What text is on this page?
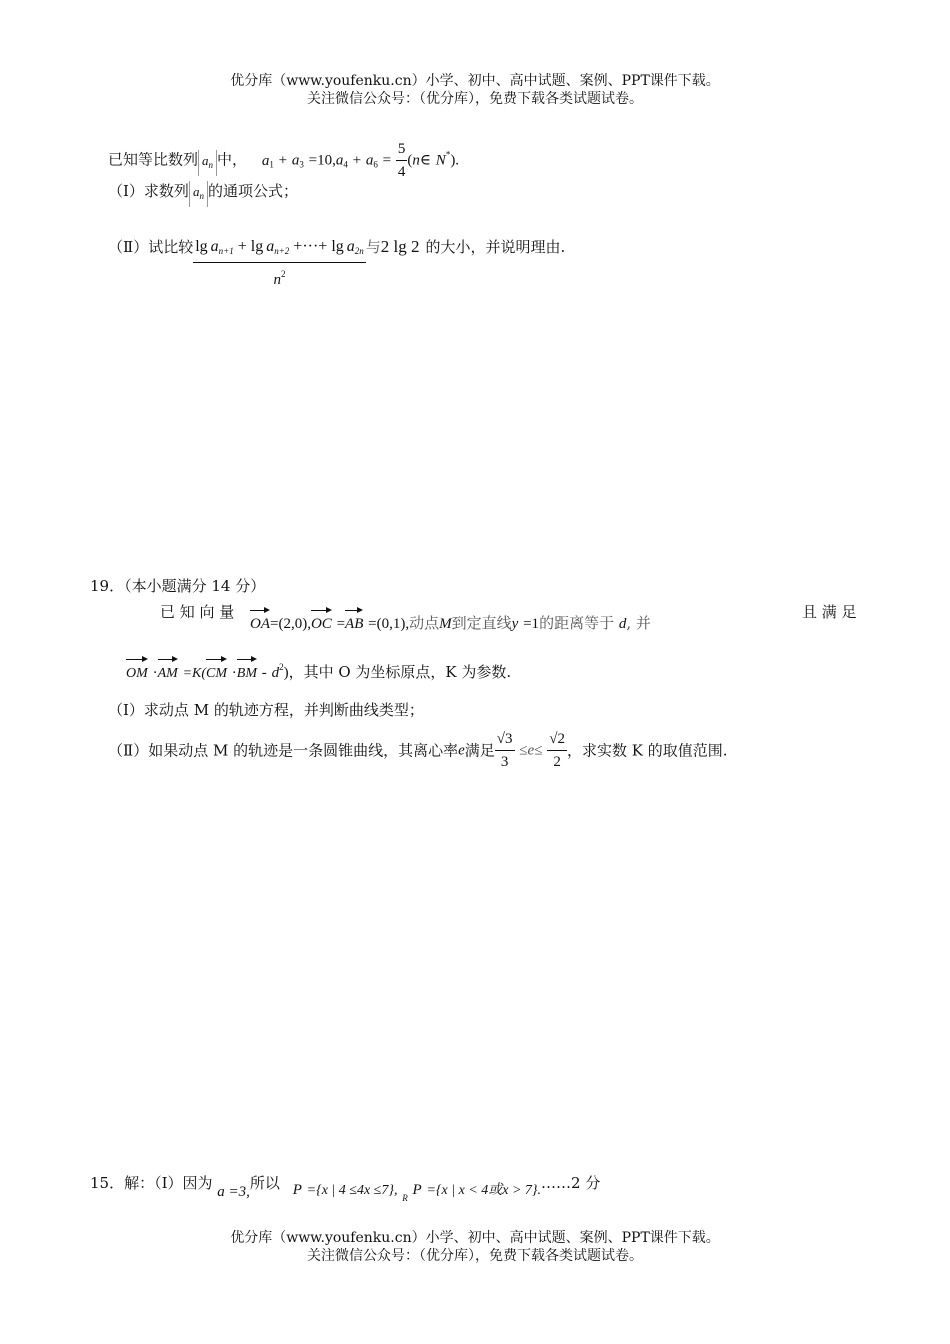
优分库（www.youfenku.cn）小学、初中、高中试题、案例、PPT课件下载。
关注微信公众号：（优分库），免费下载各类试题试卷。
已知等比数列 $a_n$ 中， $a_1 + a_3 =10,a_4 + a_6 = \frac{5}{4}$ (n∈ N*).
（Ⅰ）求数列 $a_n$ 的通项公式；
（Ⅱ）试比较 $\frac{\lg a_{n+1} + \lg a_{n+2} +\cdot\cdot\cdot+ \lg a_{2n}}{n^2}$ 与2 lg 2 的大小，并说明理由.
19．（本小题满分 14 分）
已 知 向 量
OA=(2,0),OC =AB =(0,1),动点M到定直线y =1的距离等于 d, 并
且 满 足
OM $\cdot AM =K(CM \cdot BM - d^2)$，其中 O 为坐标原点，K 为参数.
（Ⅰ）求动点 M 的轨迹方程，并判断曲线类型；
（Ⅱ）如果动点 M 的轨迹是一条圆锥曲线，其离心率e满足 $\frac{√3}{3} \le e\le \frac{√2}{2}$ ，求实数 K 的取值范围.
15．解：（Ⅰ）因为 a =3,所以 P ={x | 4 ≤4x ≤7}, $_R$ P ={x | x < 4或x > 7}.……2 分
优分库（www.youfenku.cn）小学、初中、高中试题、案例、PPT课件下载。
关注微信公众号：（优分库），免费下载各类试题试卷。
